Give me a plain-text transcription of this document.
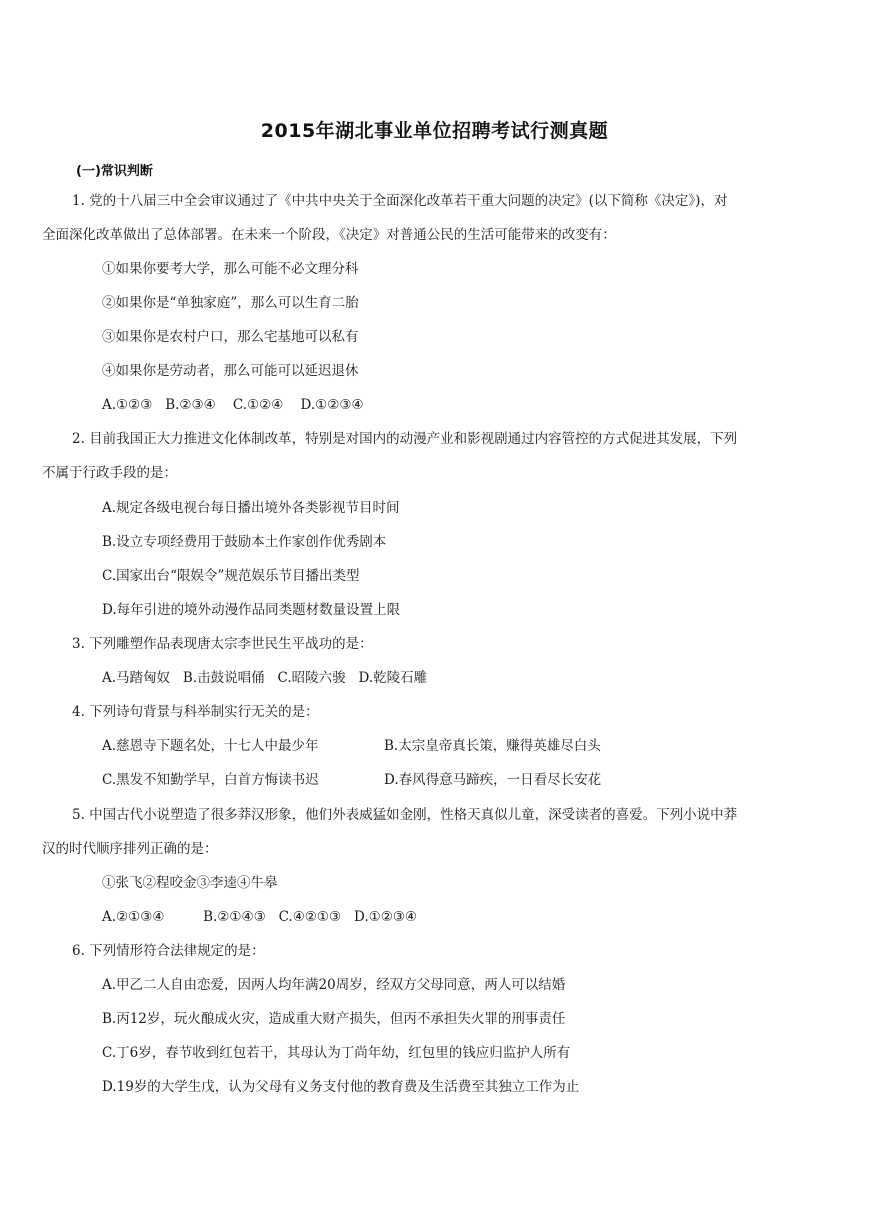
2015年湖北事业单位招聘考试行测真题
(一)常识判断
1. 党的十八届三中全会审议通过了《中共中央关于全面深化改革若干重大问题的决定》(以下简称《决定》)，对
全面深化改革做出了总体部署。在未来一个阶段，《决定》对普通公民的生活可能带来的改变有：
①如果你要考大学，那么可能不必文理分科
②如果你是“单独家庭”，那么可以生育二胎
③如果你是农村户口，那么宅基地可以私有
④如果你是劳动者，那么可能可以延迟退休
A.①②③   B.②③④    C.①②④    D.①②③④
2. 目前我国正大力推进文化体制改革，特别是对国内的动漫产业和影视剧通过内容管控的方式促进其发展，下列
不属于行政手段的是：
A.规定各级电视台每日播出境外各类影视节目时间
B.设立专项经费用于鼓励本土作家创作优秀剧本
C.国家出台“限娱令”规范娱乐节目播出类型
D.每年引进的境外动漫作品同类题材数量设置上限
3. 下列雕塑作品表现唐太宗李世民生平战功的是：
A.马踏匈奴   B.击鼓说唱俑   C.昭陵六骏   D.乾陵石雕
4. 下列诗句背景与科举制实行无关的是：
A.慈恩寺下题名处，十七人中最少年	B.太宗皇帝真长策，赚得英雄尽白头
C.黑发不知勤学早，白首方悔读书迟	D.春风得意马蹄疾，一日看尽长安花
5. 中国古代小说塑造了很多莽汉形象，他们外表威猛如金刚，性格天真似儿童，深受读者的喜爱。下列小说中莽
汉的时代顺序排列正确的是：
①张飞②程咬金③李逵④牛皋
A.②①③④         B.②①④③   C.④②①③   D.①②③④
6. 下列情形符合法律规定的是：
A.甲乙二人自由恋爱，因两人均年满20周岁，经双方父母同意，两人可以结婚
B.丙12岁，玩火酿成火灾，造成重大财产损失，但丙不承担失火罪的刑事责任
C.丁6岁，春节收到红包若干，其母认为丁尚年幼，红包里的钱应归监护人所有
D.19岁的大学生戊，认为父母有义务支付他的教育费及生活费至其独立工作为止
